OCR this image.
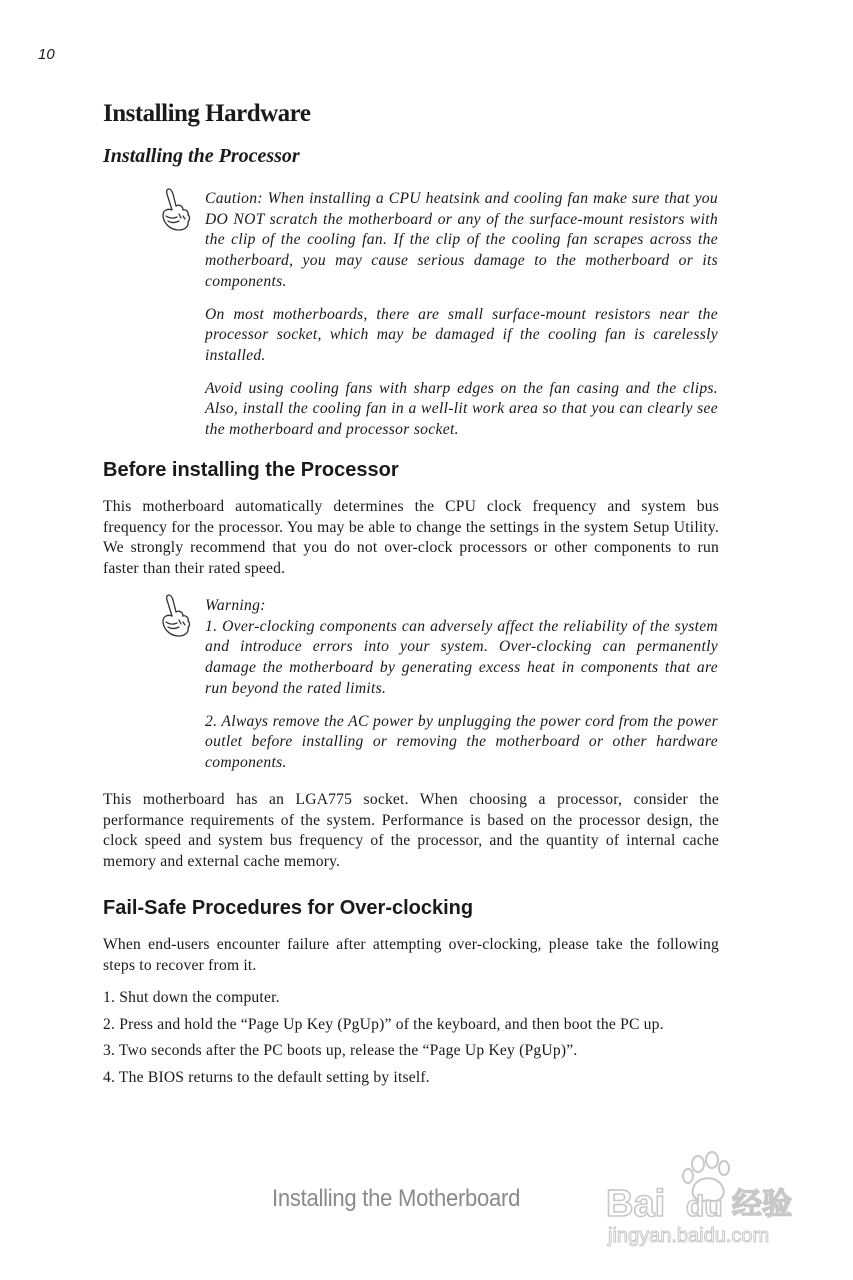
10
Installing Hardware
Installing the Processor

Caution: When installing a CPU heatsink and cooling fan make sure that you DO NOT scratch the motherboard or any of the surface-mount resistors with the clip of the cooling fan. If the clip of the cooling fan scrapes across the motherboard, you may cause serious damage to the motherboard or its components.

On most motherboards, there are small surface-mount resistors near the processor socket, which may be damaged if the cooling fan is carelessly installed.

Avoid using cooling fans with sharp edges on the fan casing and the clips. Also, install the cooling fan in a well-lit work area so that you can clearly see the motherboard and processor socket.

Before installing the Processor

This motherboard automatically determines the CPU clock frequency and system bus frequency for the processor. You may be able to change the settings in the system Setup Utility. We strongly recommend that you do not over-clock processors or other components to run faster than their rated speed.

Warning:

1. Over-clocking components can adversely affect the reliability of the system and introduce errors into your system. Over-clocking can permanently damage the motherboard by generating excess heat in components that are run beyond the rated limits.

2. Always remove the AC power by unplugging the power cord from the power outlet before installing or removing the motherboard or other hardware components.

This motherboard has an LGA775 socket. When choosing a processor, consider the performance requirements of the system. Performance is based on the processor design, the clock speed and system bus frequency of the processor, and the quantity of internal cache memory and external cache memory.

Fail-Safe Procedures for Over-clocking

When end-users encounter failure after attempting over-clocking, please take the following steps to recover from it.

1. Shut down the computer.

2. Press and hold the “Page Up Key (PgUp)” of the keyboard, and then boot the PC up.

3. Two seconds after the PC boots up, release the “Page Up Key (PgUp)”.

4. The BIOS returns to the default setting by itself.

Installing the Motherboard Bai du 经验
jingyan.baidu.com
